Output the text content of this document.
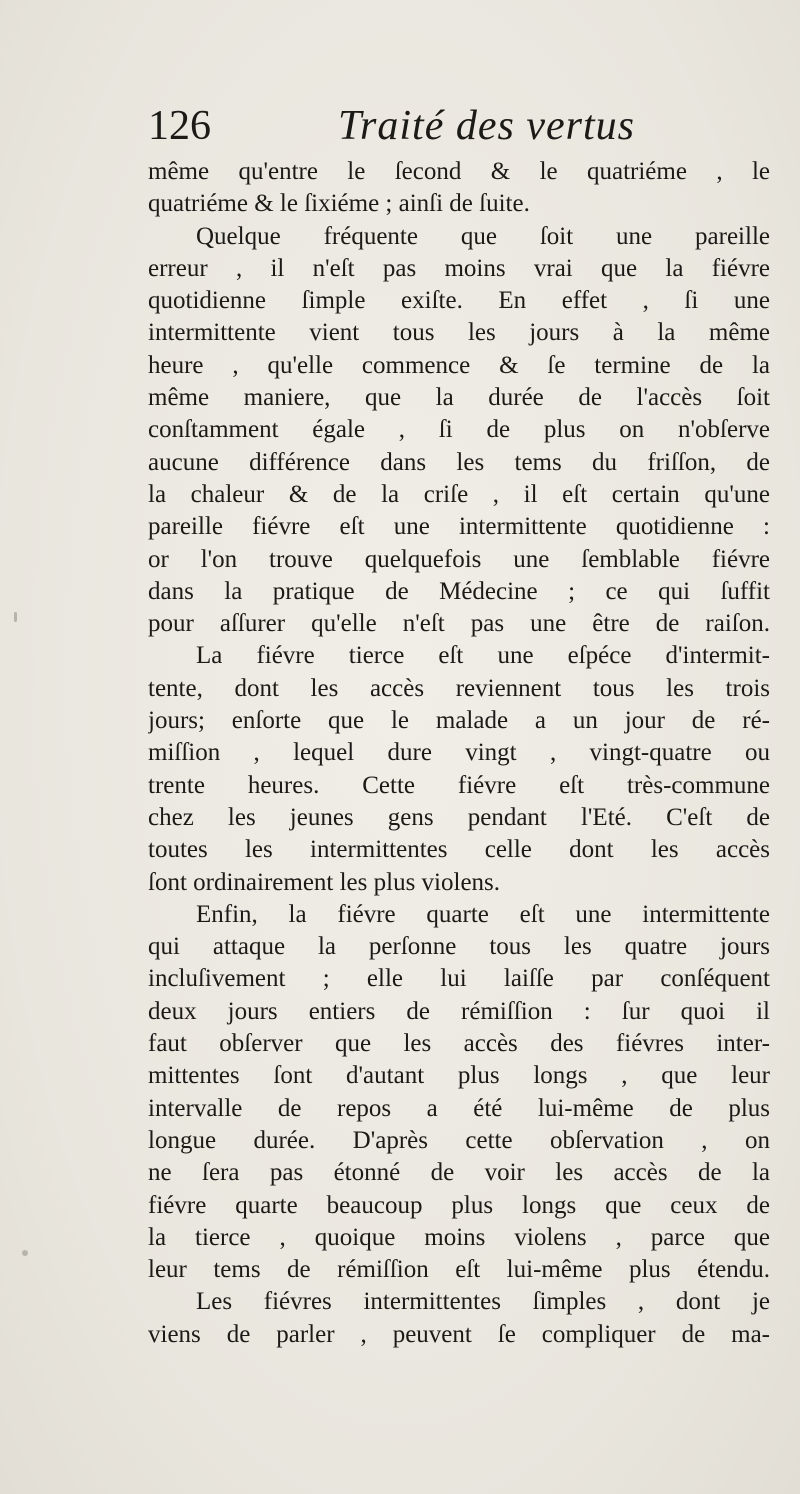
126	Traité des vertus
même qu'entre le ſecond & le quatriéme , le
quatriéme & le ſixiéme ; ainſi de ſuite.
Quelque fréquente que ſoit une pareille
erreur , il n'eſt pas moins vrai que la fiévre
quotidienne ſimple exiſte. En effet , ſi une
intermittente vient tous les jours à la même
heure , qu'elle commence & ſe termine de la
même maniere, que la durée de l'accès ſoit
conſtamment égale , ſi de plus on n'obſerve
aucune différence dans les tems du friſſon, de
la chaleur & de la criſe , il eſt certain qu'une
pareille fiévre eſt une intermittente quotidienne :
or l'on trouve quelquefois une ſemblable fiévre
dans la pratique de Médecine ; ce qui ſuffit
pour aſſurer qu'elle n'eſt pas une être de raiſon.
La fiévre tierce eſt une eſpéce d'intermit-
tente, dont les accès reviennent tous les trois
jours; enſorte que le malade a un jour de ré-
miſſion , lequel dure vingt , vingt-quatre ou
trente heures. Cette fiévre eſt très-commune
chez les jeunes gens pendant l'Eté. C'eſt de
toutes les intermittentes celle dont les accès
ſont ordinairement les plus violens.
Enfin, la fiévre quarte eſt une intermittente
qui attaque la perſonne tous les quatre jours
incluſivement ; elle lui laiſſe par conſéquent
deux jours entiers de rémiſſion : ſur quoi il
faut obſerver que les accès des fiévres inter-
mittentes ſont d'autant plus longs , que leur
intervalle de repos a été lui-même de plus
longue durée. D'après cette obſervation , on
ne ſera pas étonné de voir les accès de la
fiévre quarte beaucoup plus longs que ceux de
la tierce , quoique moins violens , parce que
leur tems de rémiſſion eſt lui-même plus étendu.
Les fiévres intermittentes ſimples , dont je
viens de parler , peuvent ſe compliquer de ma-
